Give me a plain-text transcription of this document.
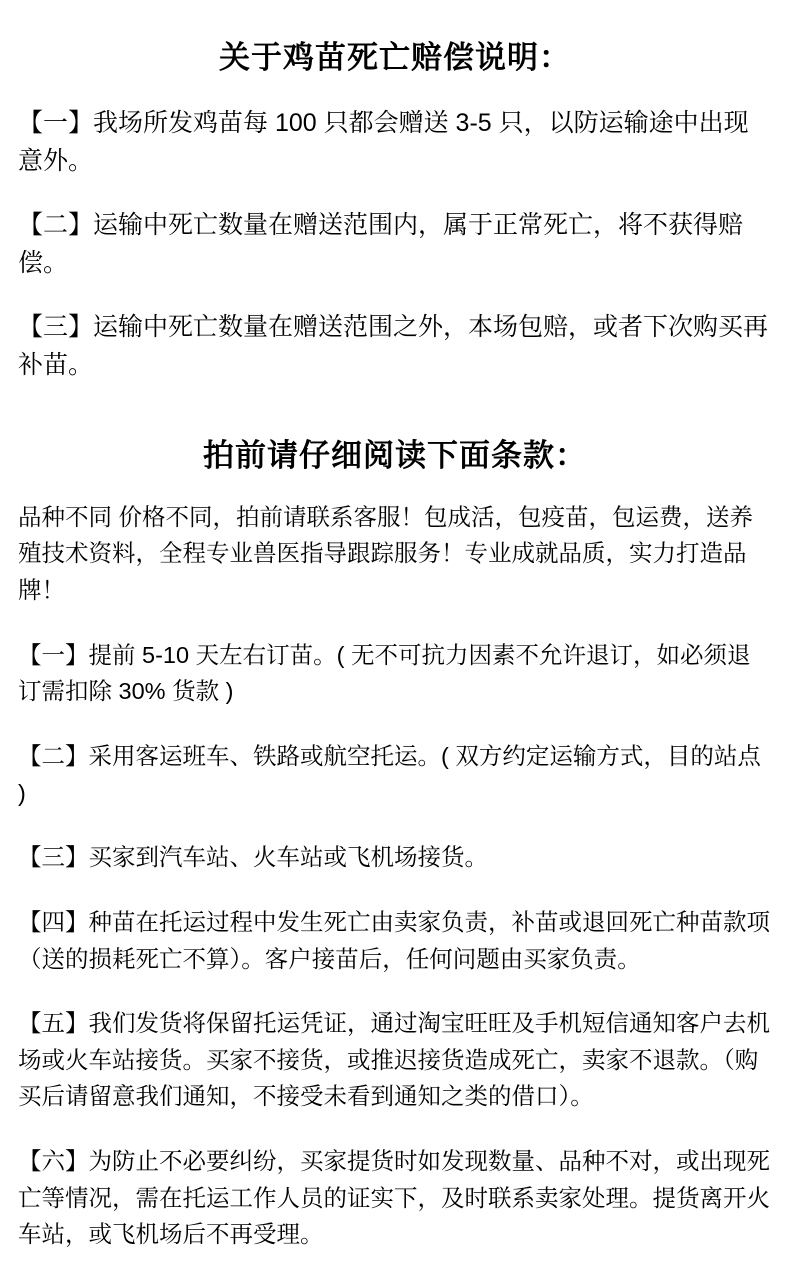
关于鸡苗死亡赔偿说明：

【一】我场所发鸡苗每 100 只都会赠送 3-5 只，以防运输途中出现意外。

【二】运输中死亡数量在赠送范围内，属于正常死亡，将不获得赔偿。

【三】运输中死亡数量在赠送范围之外，本场包赔，或者下次购买再补苗。

拍前请仔细阅读下面条款：

品种不同 价格不同，拍前请联系客服！包成活，包疫苗，包运费，送养殖技术资料，全程专业兽医指导跟踪服务！专业成就品质，实力打造品牌！

【一】提前 5-10 天左右订苗。( 无不可抗力因素不允许退订，如必须退订需扣除 30% 货款 )

【二】采用客运班车、铁路或航空托运。( 双方约定运输方式，目的站点 )

【三】买家到汽车站、火车站或飞机场接货。

【四】种苗在托运过程中发生死亡由卖家负责，补苗或退回死亡种苗款项（送的损耗死亡不算）。客户接苗后，任何问题由买家负责。

【五】我们发货将保留托运凭证，通过淘宝旺旺及手机短信通知客户去机场或火车站接货。买家不接货，或推迟接货造成死亡，卖家不退款。（购买后请留意我们通知，不接受未看到通知之类的借口）。

【六】为防止不必要纠纷，买家提货时如发现数量、品种不对，或出现死亡等情况，需在托运工作人员的证实下，及时联系卖家处理。提货离开火车站，或飞机场后不再受理。
